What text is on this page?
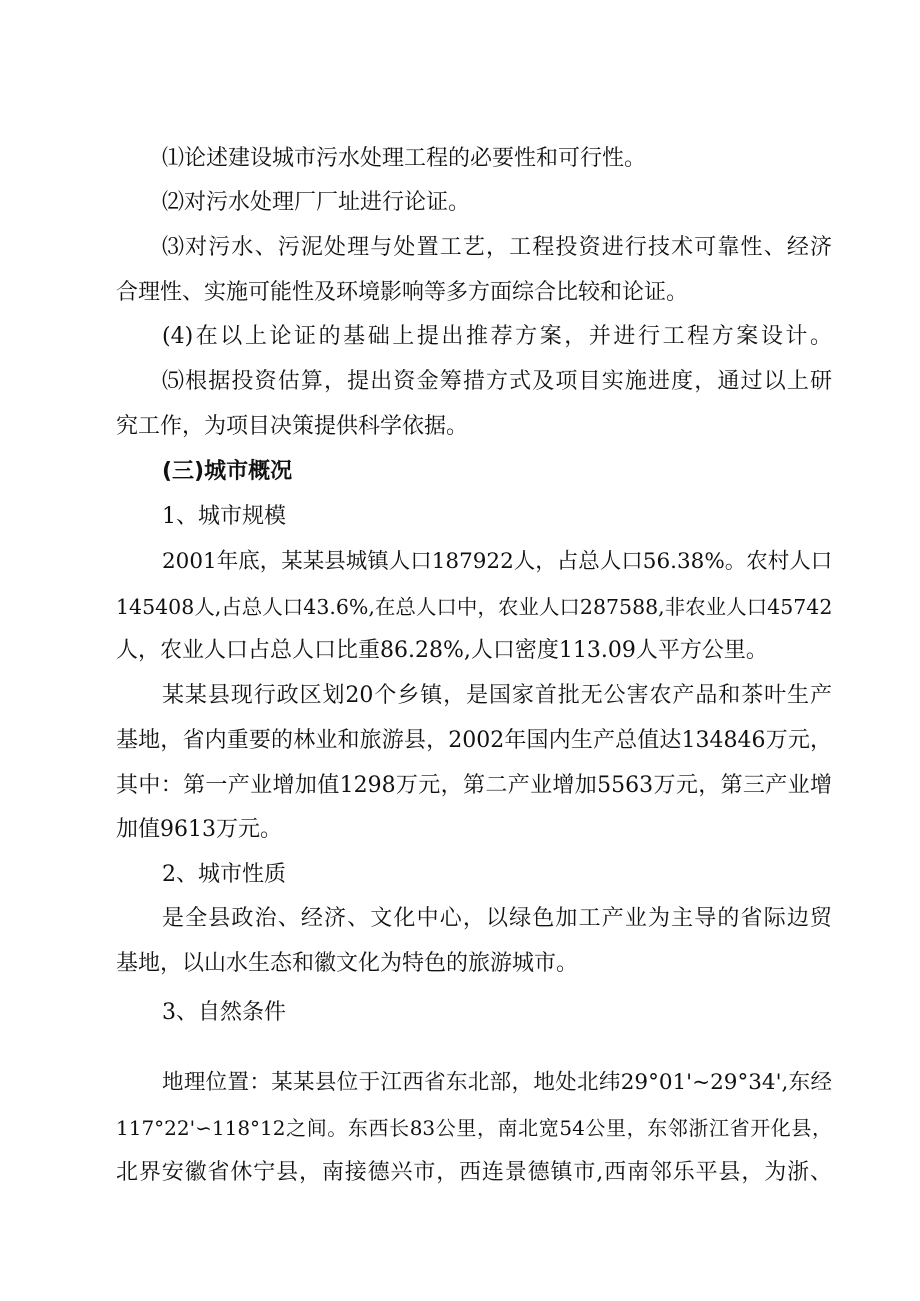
⑴论述建设城市污水处理工程的必要性和可行性。
⑵对污水处理厂厂址进行论证。
⑶对污水、污泥处理与处置工艺，工程投资进行技术可靠性、经济
合理性、实施可能性及环境影响等多方面综合比较和论证。
(4)在以上论证的基础上提出推荐方案，并进行工程方案设计。
⑸根据投资估算，提出资金筹措方式及项目实施进度，通过以上研
究工作，为项目决策提供科学依据。
(三)城市概况
1、城市规模
2001年底，某某县城镇人口187922人，占总人口56.38%。农村人口
145408人,占总人口43.6%,在总人口中，农业人口287588,非农业人口45742
人，农业人口占总人口比重86.28%,人口密度113.09人平方公里。
某某县现行政区划20个乡镇，是国家首批无公害农产品和茶叶生产
基地，省内重要的林业和旅游县，2002年国内生产总值达134846万元，
其中：第一产业增加值1298万元，第二产业增加5563万元，第三产业增
加值9613万元。
2、城市性质
是全县政治、经济、文化中心，以绿色加工产业为主导的省际边贸
基地，以山水生态和徽文化为特色的旅游城市。
3、自然条件
地理位置：某某县位于江西省东北部，地处北纬29°01'~29°34',东经
117°22'∽118°12之间。东西长83公里，南北宽54公里，东邻浙江省开化县，
北界安徽省休宁县，南接德兴市，西连景德镇市,西南邻乐平县，为浙、
